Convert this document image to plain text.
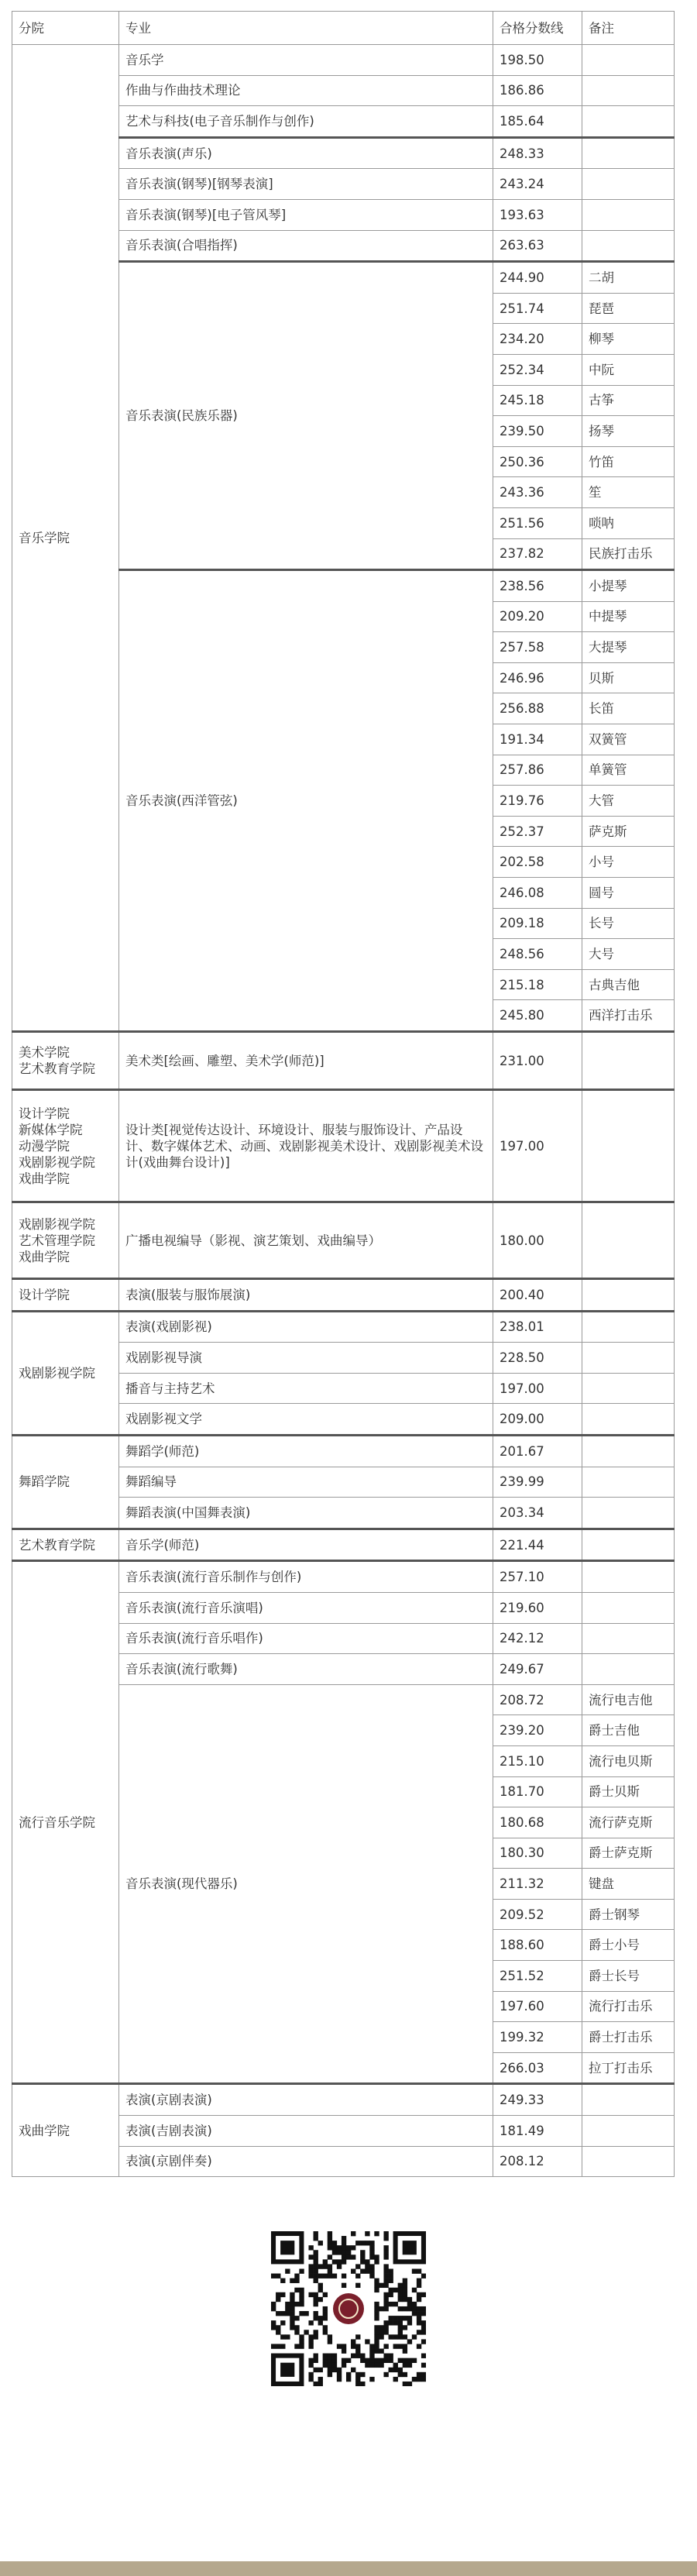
分院	专业	合格分数线	备注

音乐学院	音乐学	198.50	
	作曲与作曲技术理论	186.86	
	艺术与科技(电子音乐制作与创作)	185.64	
	音乐表演(声乐)	248.33	
	音乐表演(钢琴)[钢琴表演]	243.24	
	音乐表演(钢琴)[电子管风琴]	193.63	
	音乐表演(合唱指挥)	263.63	
	音乐表演(民族乐器)	244.90	二胡
		251.74	琵琶
		234.20	柳琴
		252.34	中阮
		245.18	古筝
		239.50	扬琴
		250.36	竹笛
		243.36	笙
		251.56	唢呐
		237.82	民族打击乐
	音乐表演(西洋管弦)	238.56	小提琴
		209.20	中提琴
		257.58	大提琴
		246.96	贝斯
		256.88	长笛
		191.34	双簧管
		257.86	单簧管
		219.76	大管
		252.37	萨克斯
		202.58	小号
		246.08	圆号
		209.18	长号
		248.56	大号
		215.18	古典吉他
		245.80	西洋打击乐

美术学院
艺术教育学院	美术类[绘画、雕塑、美术学(师范)]	231.00	

设计学院
新媒体学院
动漫学院
戏剧影视学院
戏曲学院	设计类[视觉传达设计、环境设计、服装与服饰设计、产品设计、数字媒体艺术、动画、戏剧影视美术设计、戏剧影视美术设计(戏曲舞台设计)]	197.00	

戏剧影视学院
艺术管理学院
戏曲学院	广播电视编导（影视、演艺策划、戏曲编导）	180.00	

设计学院	表演(服装与服饰展演)	200.40	

戏剧影视学院	表演(戏剧影视)	238.01	
	戏剧影视导演	228.50	
	播音与主持艺术	197.00	
	戏剧影视文学	209.00	

舞蹈学院	舞蹈学(师范)	201.67	
	舞蹈编导	239.99	
	舞蹈表演(中国舞表演)	203.34	

艺术教育学院	音乐学(师范)	221.44	

流行音乐学院	音乐表演(流行音乐制作与创作)	257.10	
	音乐表演(流行音乐演唱)	219.60	
	音乐表演(流行音乐唱作)	242.12	
	音乐表演(流行歌舞)	249.67	
	音乐表演(现代器乐)	208.72	流行电吉他
		239.20	爵士吉他
		215.10	流行电贝斯
		181.70	爵士贝斯
		180.68	流行萨克斯
		180.30	爵士萨克斯
		211.32	键盘
		209.52	爵士钢琴
		188.60	爵士小号
		251.52	爵士长号
		197.60	流行打击乐
		199.32	爵士打击乐
		266.03	拉丁打击乐

戏曲学院	表演(京剧表演)	249.33	
	表演(吉剧表演)	181.49	
	表演(京剧伴奏)	208.12	
